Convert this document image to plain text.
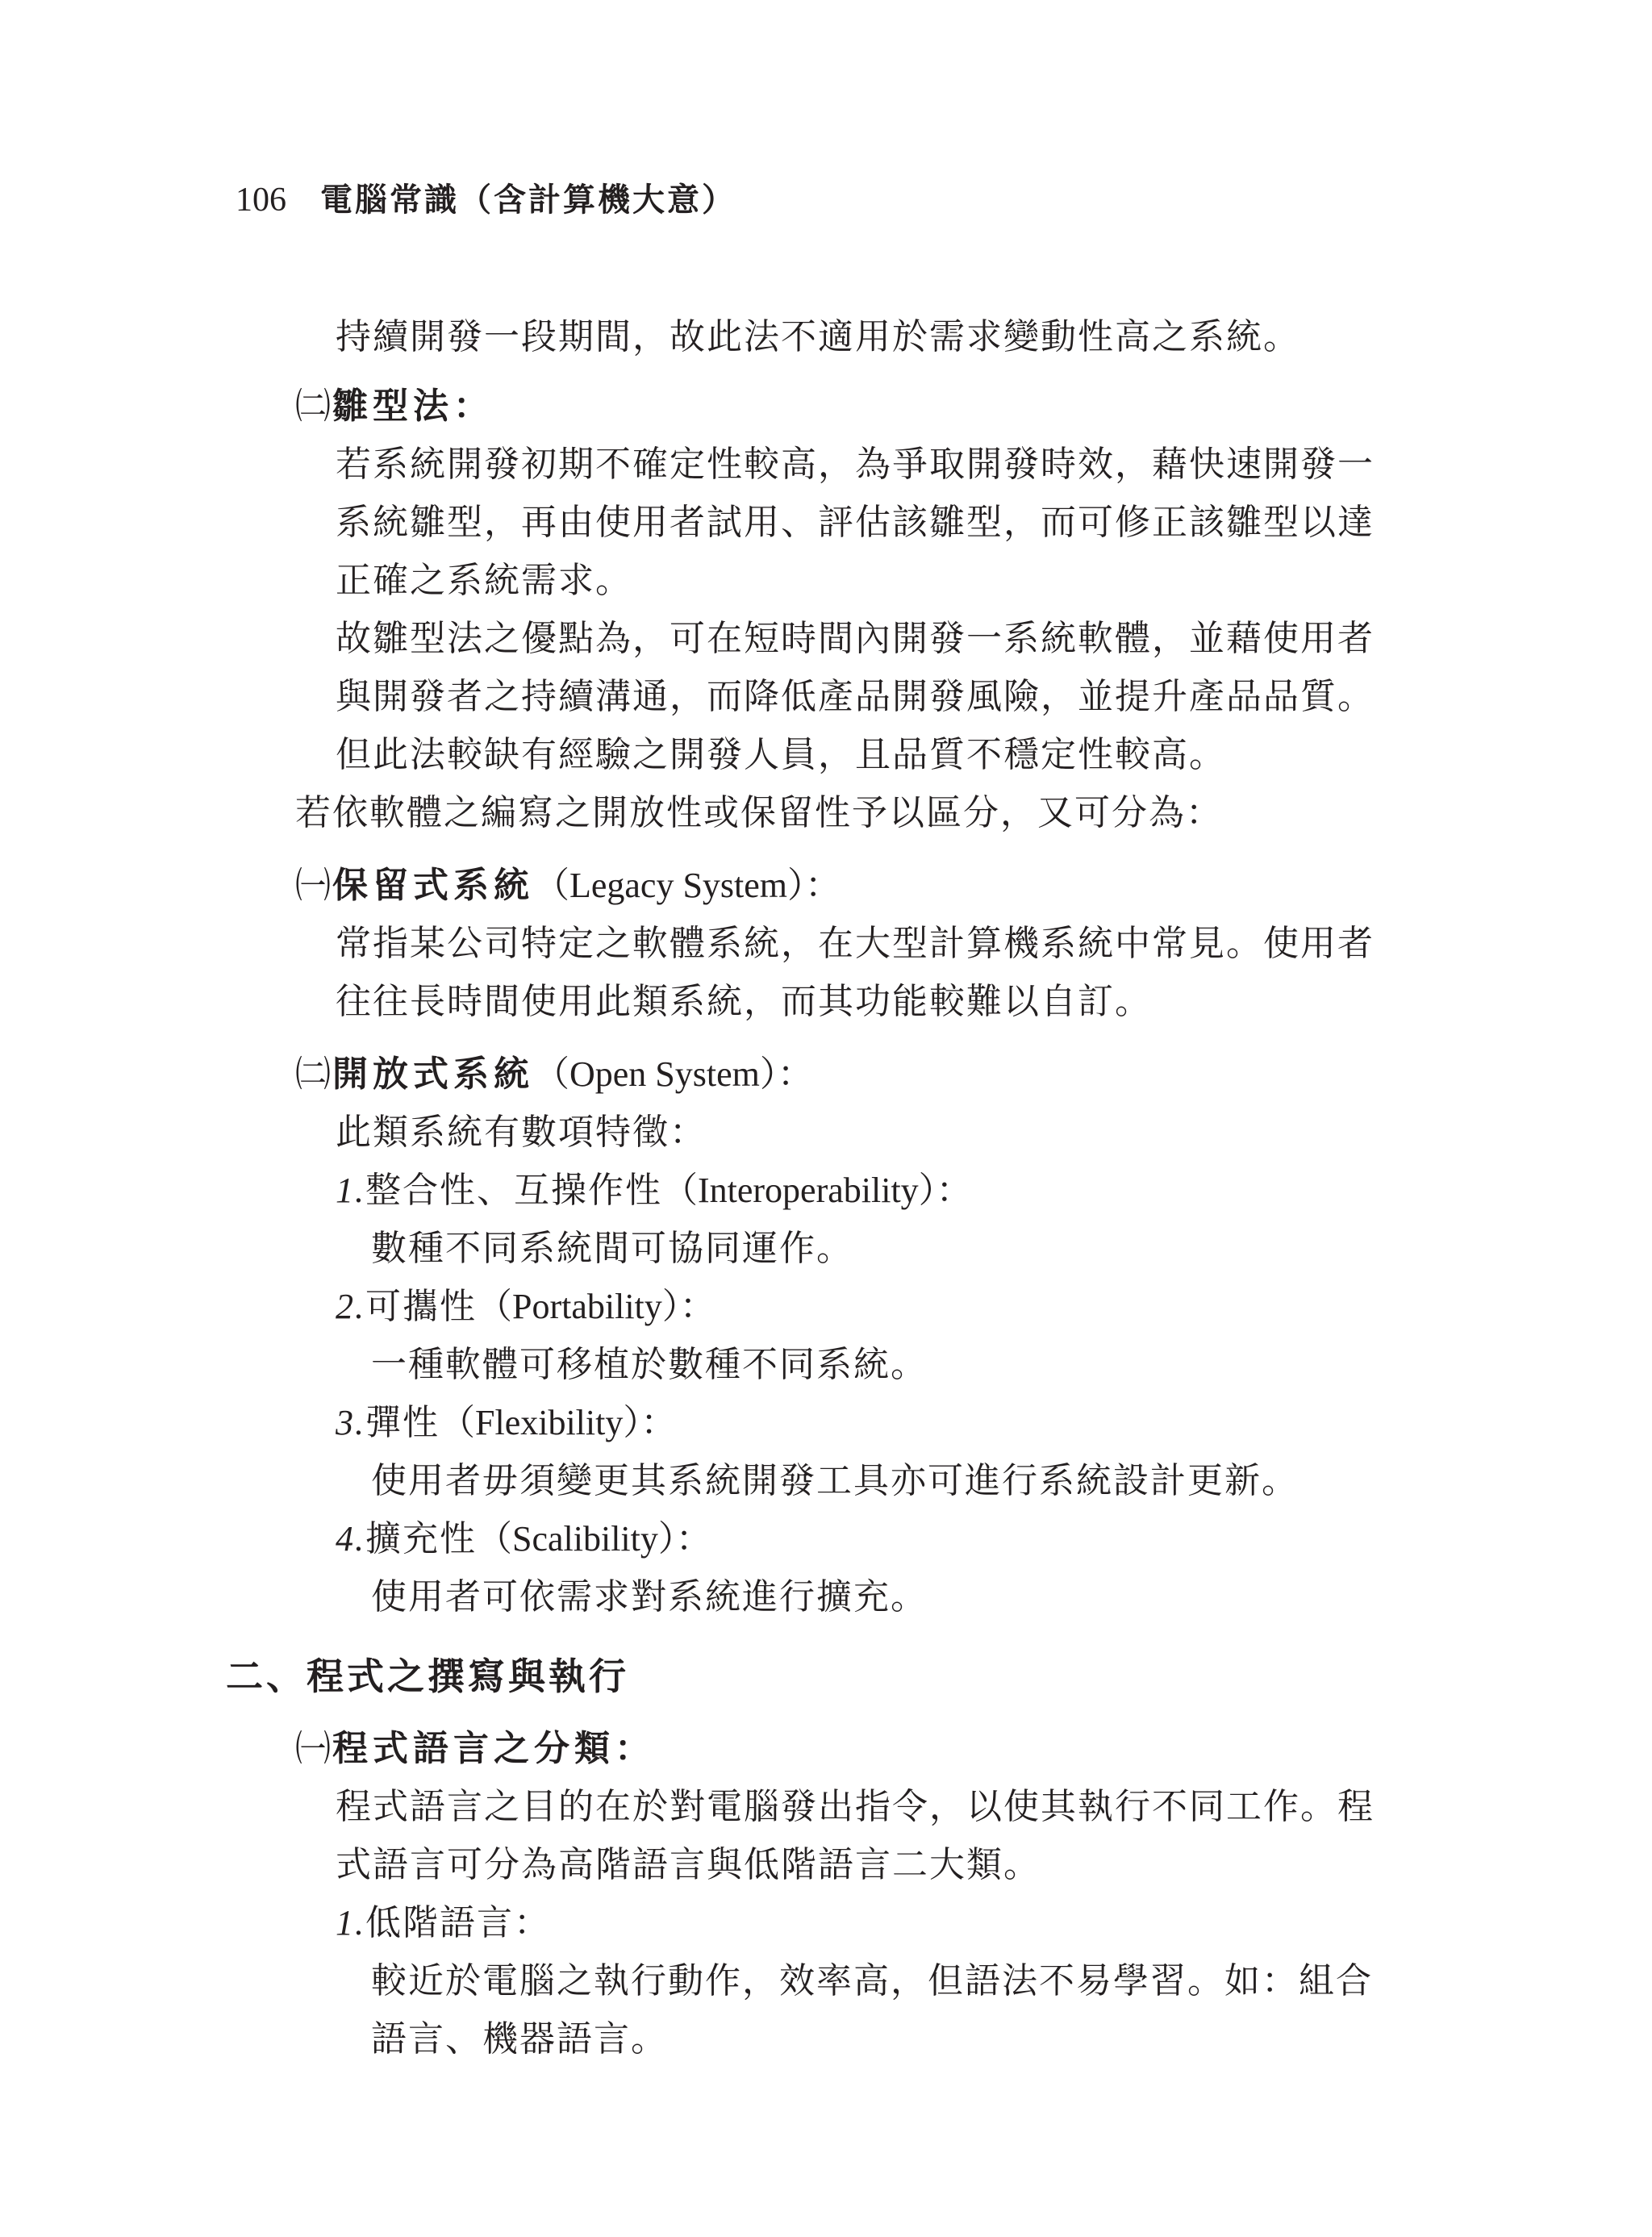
106 電腦常識（含計算機大意）
持續開發一段期間，故此法不適用於需求變動性高之系統。
㈡雛型法：
若系統開發初期不確定性較高，為爭取開發時效，藉快速開發一
系統雛型，再由使用者試用、評估該雛型，而可修正該雛型以達
正確之系統需求。
故雛型法之優點為，可在短時間內開發一系統軟體，並藉使用者
與開發者之持續溝通，而降低產品開發風險，並提升產品品質。
但此法較缺有經驗之開發人員，且品質不穩定性較高。
若依軟體之編寫之開放性或保留性予以區分，又可分為：
㈠保留式系統（Legacy System）：
常指某公司特定之軟體系統，在大型計算機系統中常見。使用者
往往長時間使用此類系統，而其功能較難以自訂。
㈡開放式系統（Open System）：
此類系統有數項特徵：
1.整合性、互操作性（Interoperability）：
數種不同系統間可協同運作。
2.可攜性（Portability）：
一種軟體可移植於數種不同系統。
3.彈性（Flexibility）：
使用者毋須變更其系統開發工具亦可進行系統設計更新。
4.擴充性（Scalibility）：
使用者可依需求對系統進行擴充。
二、程式之撰寫與執行
㈠程式語言之分類：
程式語言之目的在於對電腦發出指令，以使其執行不同工作。程
式語言可分為高階語言與低階語言二大類。
1.低階語言：
較近於電腦之執行動作，效率高，但語法不易學習。如：組合
語言、機器語言。
